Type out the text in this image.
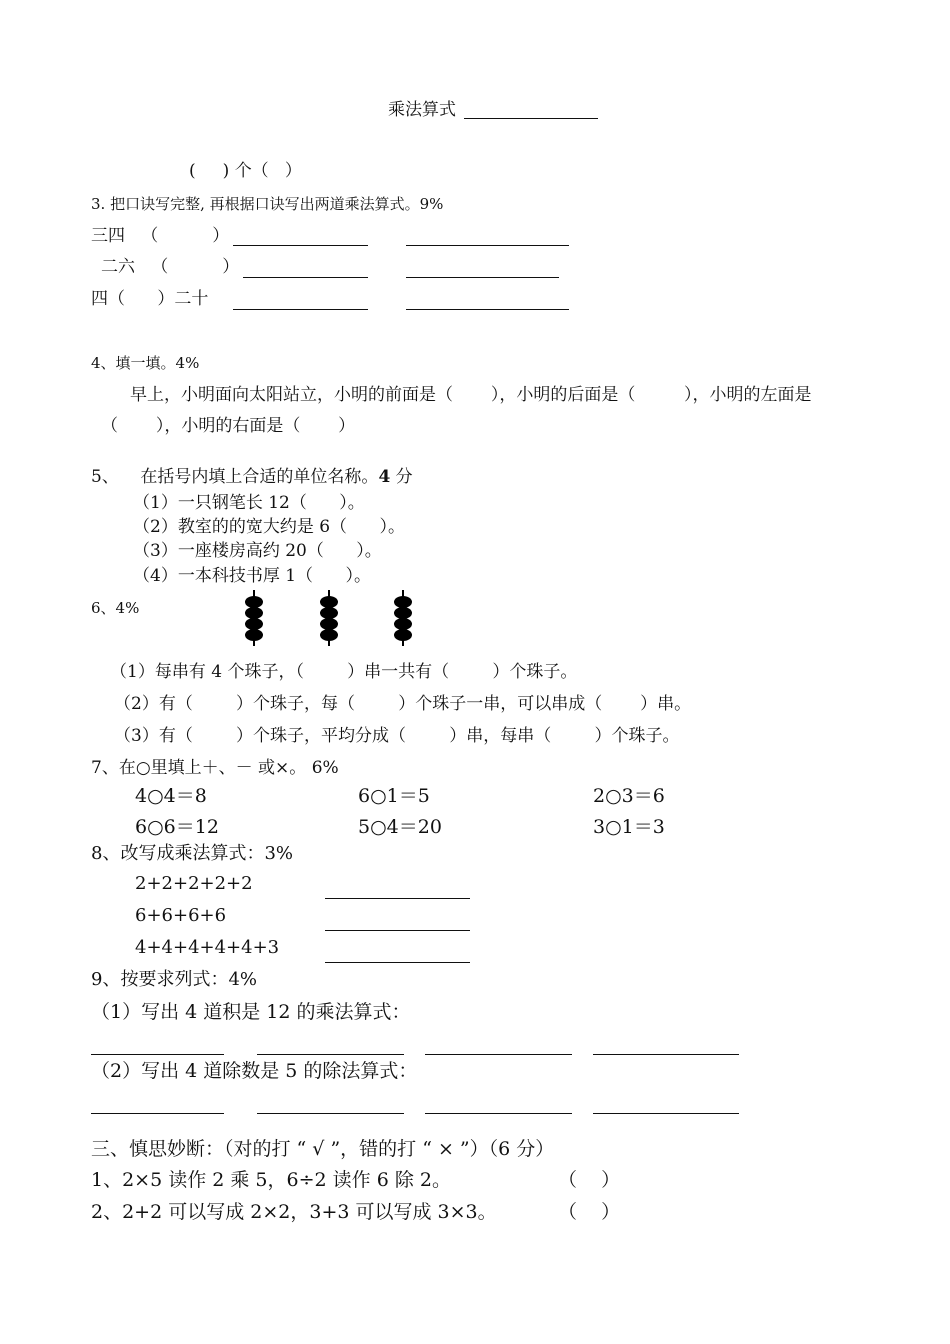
乘法算式
(     ) 个（   ）
3. 把口诀写完整, 再根据口诀写出两道乘法算式。9%
三四   （          ）
二六   （          ）
四（      ）二十
4、填一填。4%
早上，小明面向太阳站立，小明的前面是（       ），小明的后面是（         ），小明的左面是
（       ），小明的右面是（       ）
5、    在括号内填上合适的单位名称。4 分
（1）一只钢笔长 12（      ）。
（2）教室的的宽大约是 6（      ）。
（3）一座楼房高约 20（      ）。
（4）一本科技书厚 1（      ）。
6、4%
（1）每串有 4 个珠子，（        ）串一共有（        ）个珠子。
（2）有（        ）个珠子，每（        ）个珠子一串，可以串成（       ）串。
（3）有（        ）个珠子，平均分成（        ）串，每串（        ）个珠子。
7、在○里填上＋、－ 或×。 6%
4○4＝8	6○1＝5	2○3＝6
6○6＝12	5○4＝20	3○1＝3
8、改写成乘法算式：3%
2+2+2+2+2
6+6+6+6
4+4+4+4+4+3
9、按要求列式：4%
（1）写出 4 道积是 12 的乘法算式：
（2）写出 4 道除数是 5 的除法算式：
三、慎思妙断：（对的打 “ √ ”，错的打 “ × ”）（6 分）
1、2×5 读作 2 乘 5，6÷2 读作 6 除 2。	（    ）
2、2+2 可以写成 2×2，3+3 可以写成 3×3。	（    ）
